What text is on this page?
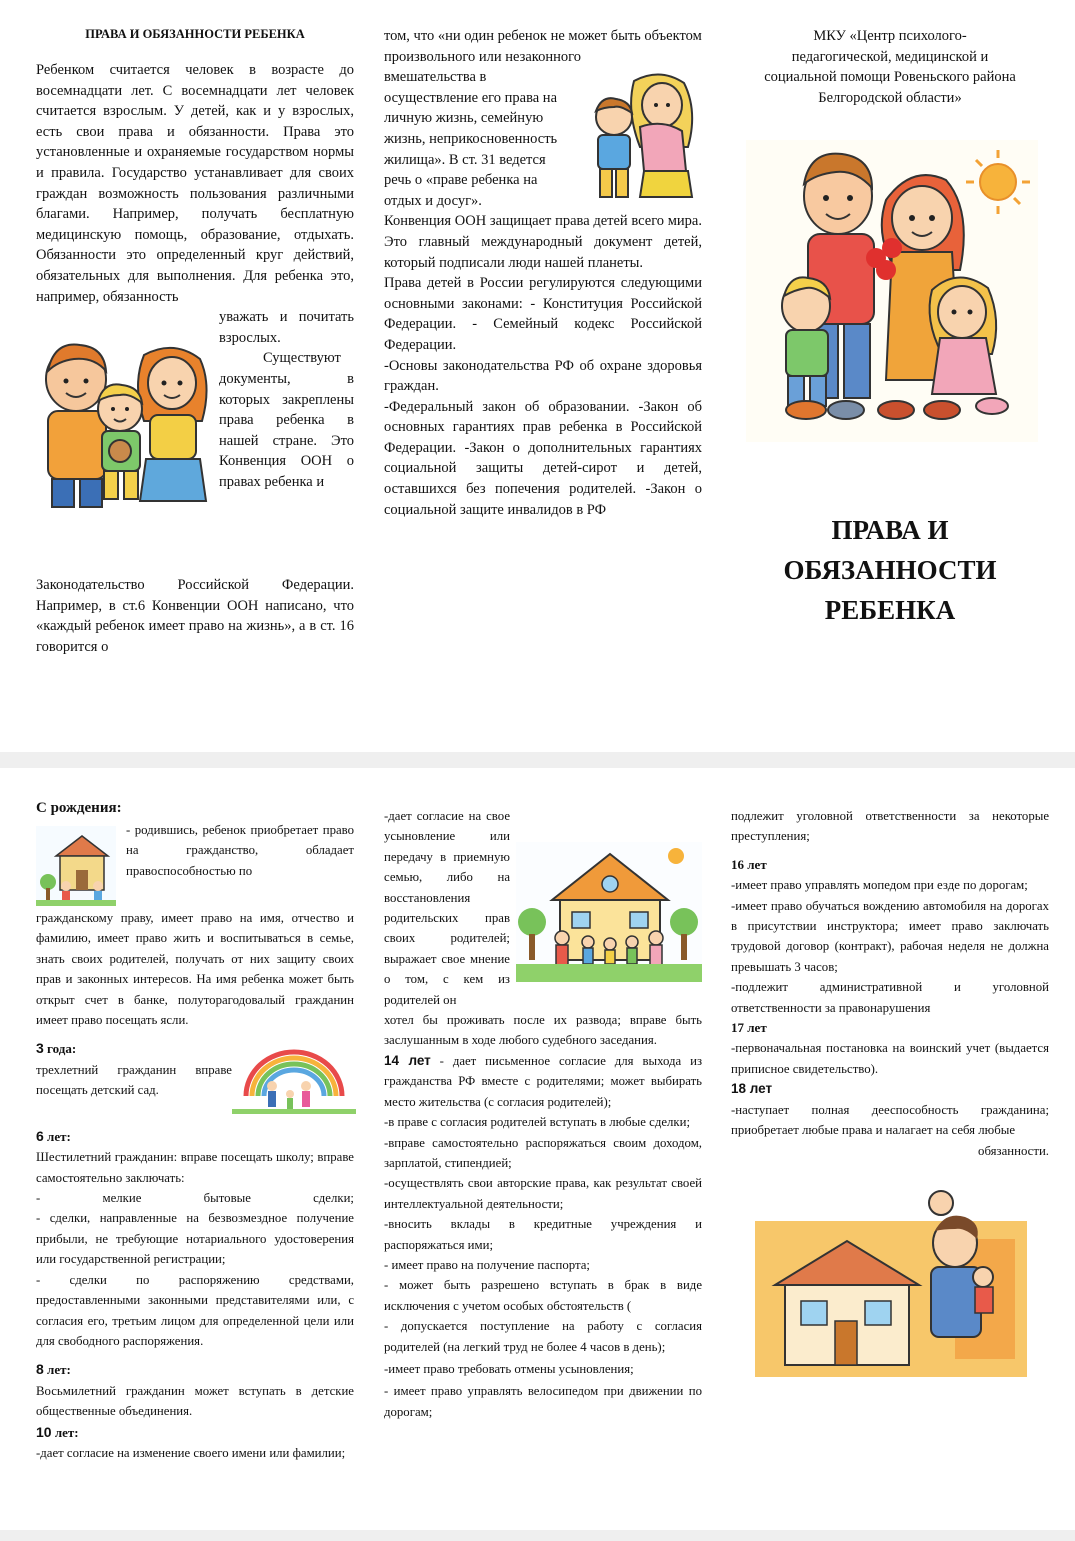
ПРАВА И ОБЯЗАННОСТИ РЕБЕНКА

Ребенком считается человек в возрасте до восемнадцати лет. С восемнадцати лет человек считается взрослым. У детей, как и у взрослых, есть свои права и обязанности. Права это установленные и охраняемые государством нормы и правила. Государство устанавливает для своих граждан возможность пользования различными благами. Например, получать бесплатную медицинскую помощь, образование, отдыхать. Обязанности это определенный круг действий, обязательных для выполнения. Для ребенка это, например, обязанность

уважать и почитать взрослых.

Существуют документы, в которых закреплены права ребенка в нашей стране. Это Конвенция ООН о правах ребенка и

Законодательство Российской Федерации.

Например, в ст.6 Конвенции ООН написано, что «каждый ребенок имеет право на жизнь», а в ст. 16 говорится о

том, что «ни один ребенок не может быть объектом произвольного или незаконного

вмешательства в осуществление его права на личную жизнь, семейную жизнь, неприкосновенность жилища». В ст. 31 ведется речь о «праве ребенка на отдых и досуг».

Конвенция ООН защищает права детей всего мира. Это главный международный документ детей, который подписали люди нашей планеты.

Права детей в России регулируются следующими основными законами: - Конституция Российской Федерации. - Семейный кодекс Российской Федерации.

-Основы законодательства РФ об охране здоровья граждан.

-Федеральный закон об образовании. -Закон об основных гарантиях прав ребенка в Российской Федерации. -Закон о дополнительных гарантиях социальной защиты детей-сирот и детей, оставшихся без попечения родителей. -Закон о социальной защите инвалидов в РФ

МКУ «Центр психолого-педагогической, медицинской и социальной помощи Ровеньского района Белгородской области»
ПРАВА И
ОБЯЗАННОСТИ
РЕБЕНКА
С рождения:

- родившись, ребенок приобретает право на гражданство, обладает правоспособностью по

гражданскому праву, имеет право на имя, отчество и фамилию, имеет право жить и воспитываться в семье, знать своих родителей, получать от них защиту своих прав и законных интересов. На имя ребенка может быть открыт счет в банке, полуторагодовалый гражданин имеет право посещать ясли.

3 года:

трехлетний гражданин вправе посещать детский сад.

6 лет:

Шестилетний гражданин: вправе посещать школу; вправе самостоятельно заключать:

- мелкие бытовые сделки;

- сделки, направленные на безвозмездное получение прибыли, не требующие нотариального удостоверения или государственной регистрации;

- сделки по распоряжению средствами, предоставленными законными представителями или, с согласия его, третьим лицом для определенной цели или для свободного распоряжения.

8 лет:

Восьмилетний гражданин может вступать в детские общественные объединения.

10 лет:

-дает согласие на изменение своего имени или фамилии;

-дает согласие на свое усыновление или передачу в приемную семью, либо на восстановления родительских прав своих родителей; выражает свое мнение о том, с кем из родителей он

хотел бы проживать после их развода; вправе быть заслушанным в ходе любого судебного заседания.

14 лет - дает письменное согласие для выхода из гражданства РФ вместе с родителями; может выбирать место жительства (с согласия родителей);

-в праве с согласия родителей вступать в любые сделки;

-вправе самостоятельно распоряжаться своим доходом, зарплатой, стипендией;

-осуществлять свои авторские права, как результат своей интеллектуальной деятельности;

-вносить вклады в кредитные учреждения и распоряжаться ими;

- имеет право на получение паспорта;

- может быть разрешено вступать в брак в виде исключения с учетом особых обстоятельств (

- допускается поступление на работу с согласия родителей (на легкий труд не более 4 часов в день);

-имеет право требовать отмены усыновления;

- имеет право управлять велосипедом при движении по дорогам;

подлежит уголовной ответственности за некоторые преступления;

16 лет

-имеет право управлять мопедом при езде по дорогам;

-имеет право обучаться вождению автомобиля на дорогах в присутствии инструктора; имеет право заключать трудовой договор (контракт), рабочая неделя не должна превышать 3 часов;

-подлежит административной и уголовной ответственности за правонарушения

17 лет

-первоначальная постановка на воинский учет (выдается приписное свидетельство).

18 лет

-наступает полная дееспособность гражданина; приобретает любые права и налагает на себя любые

обязанности.
